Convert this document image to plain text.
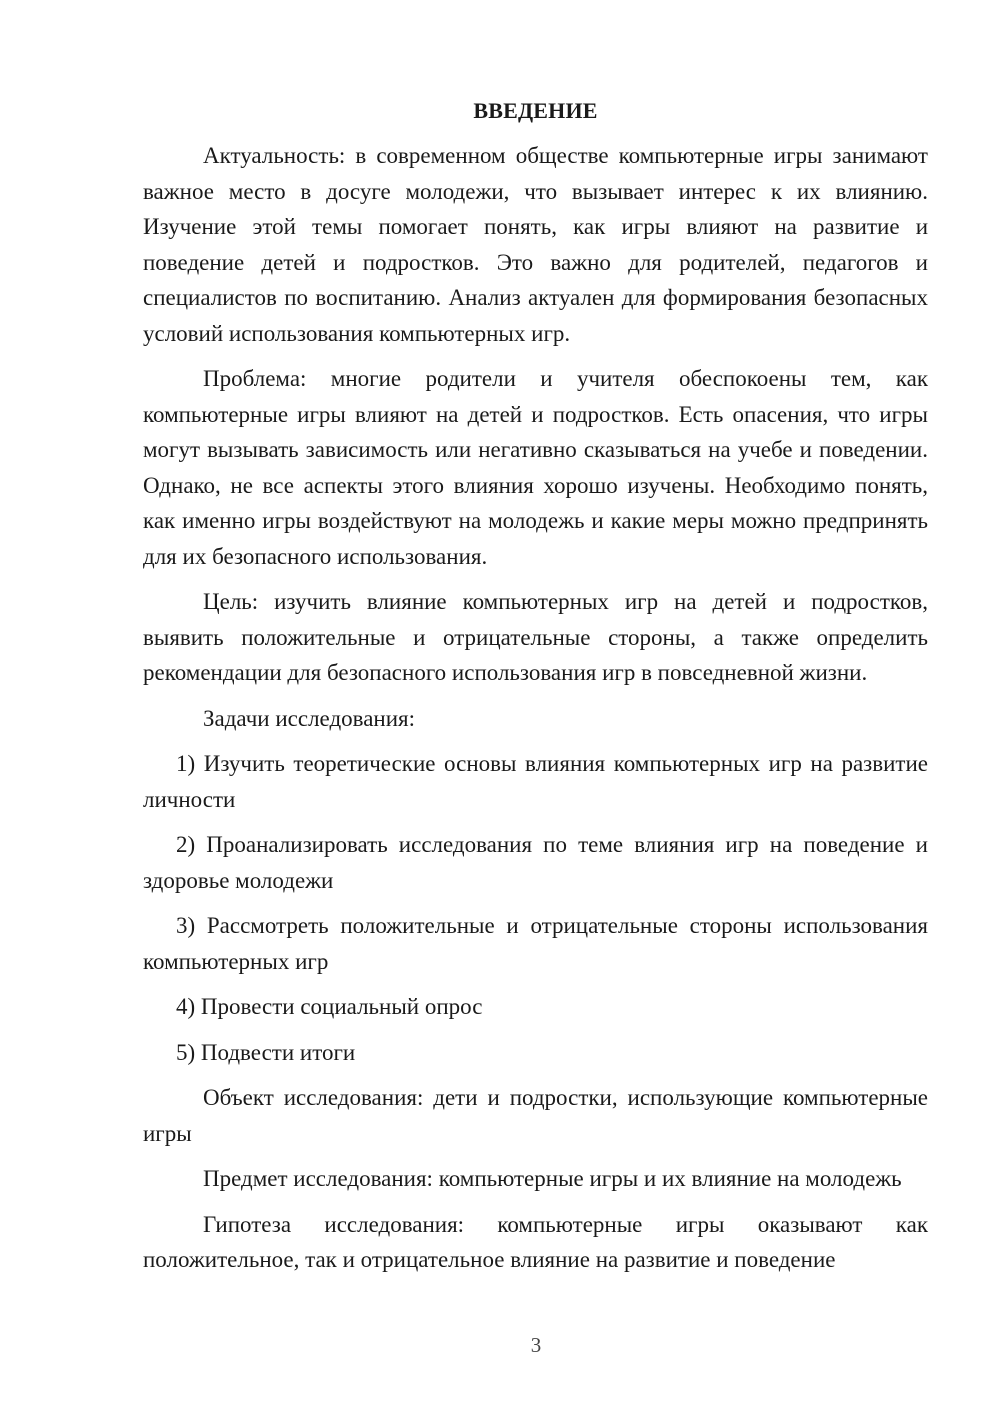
ВВЕДЕНИЕ

Актуальность: в современном обществе компьютерные игры занимают важное место в досуге молодежи, что вызывает интерес к их влиянию. Изучение этой темы помогает понять, как игры влияют на развитие и поведение детей и подростков. Это важно для родителей, педагогов и специалистов по воспитанию. Анализ актуален для формирования безопасных условий использования компьютерных игр.

Проблема: многие родители и учителя обеспокоены тем, как компьютерные игры влияют на детей и подростков. Есть опасения, что игры могут вызывать зависимость или негативно сказываться на учебе и поведении. Однако, не все аспекты этого влияния хорошо изучены. Необходимо понять, как именно игры воздействуют на молодежь и какие меры можно предпринять для их безопасного использования.

Цель: изучить влияние компьютерных игр на детей и подростков, выявить положительные и отрицательные стороны, а также определить рекомендации для безопасного использования игр в повседневной жизни.

Задачи исследования:

1) Изучить теоретические основы влияния компьютерных игр на развитие личности

2) Проанализировать исследования по теме влияния игр на поведение и здоровье молодежи

3) Рассмотреть положительные и отрицательные стороны использования компьютерных игр

4) Провести социальный опрос

5) Подвести итоги

Объект исследования: дети и подростки, использующие компьютерные игры

Предмет исследования: компьютерные игры и их влияние на молодежь

Гипотеза исследования: компьютерные игры оказывают как положительное, так и отрицательное влияние на развитие и поведение

3
